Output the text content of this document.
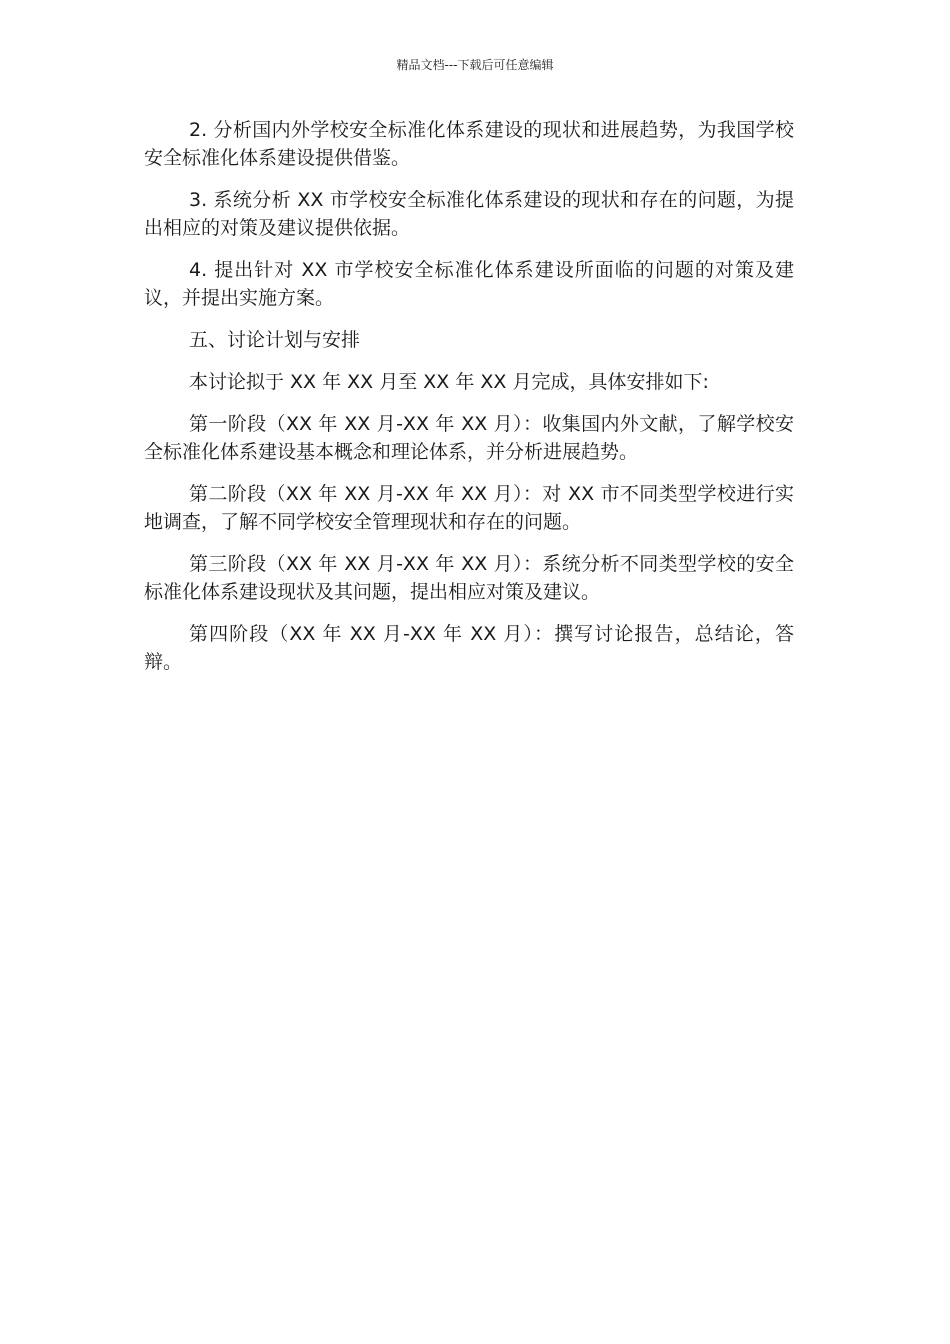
精品文档---下载后可任意编辑

2. 分析国内外学校安全标准化体系建设的现状和进展趋势，为我国学校安全标准化体系建设提供借鉴。

3. 系统分析 XX 市学校安全标准化体系建设的现状和存在的问题，为提出相应的对策及建议提供依据。

4. 提出针对 XX 市学校安全标准化体系建设所面临的问题的对策及建议，并提出实施方案。

五、讨论计划与安排

本讨论拟于 XX 年 XX 月至 XX 年 XX 月完成，具体安排如下:

第一阶段（XX 年 XX 月-XX 年 XX 月）：收集国内外文献，了解学校安全标准化体系建设基本概念和理论体系，并分析进展趋势。

第二阶段（XX 年 XX 月-XX 年 XX 月）：对 XX 市不同类型学校进行实地调查，了解不同学校安全管理现状和存在的问题。

第三阶段（XX 年 XX 月-XX 年 XX 月）：系统分析不同类型学校的安全标准化体系建设现状及其问题，提出相应对策及建议。

第四阶段（XX 年 XX 月-XX 年 XX 月）：撰写讨论报告，总结论，答辩。
